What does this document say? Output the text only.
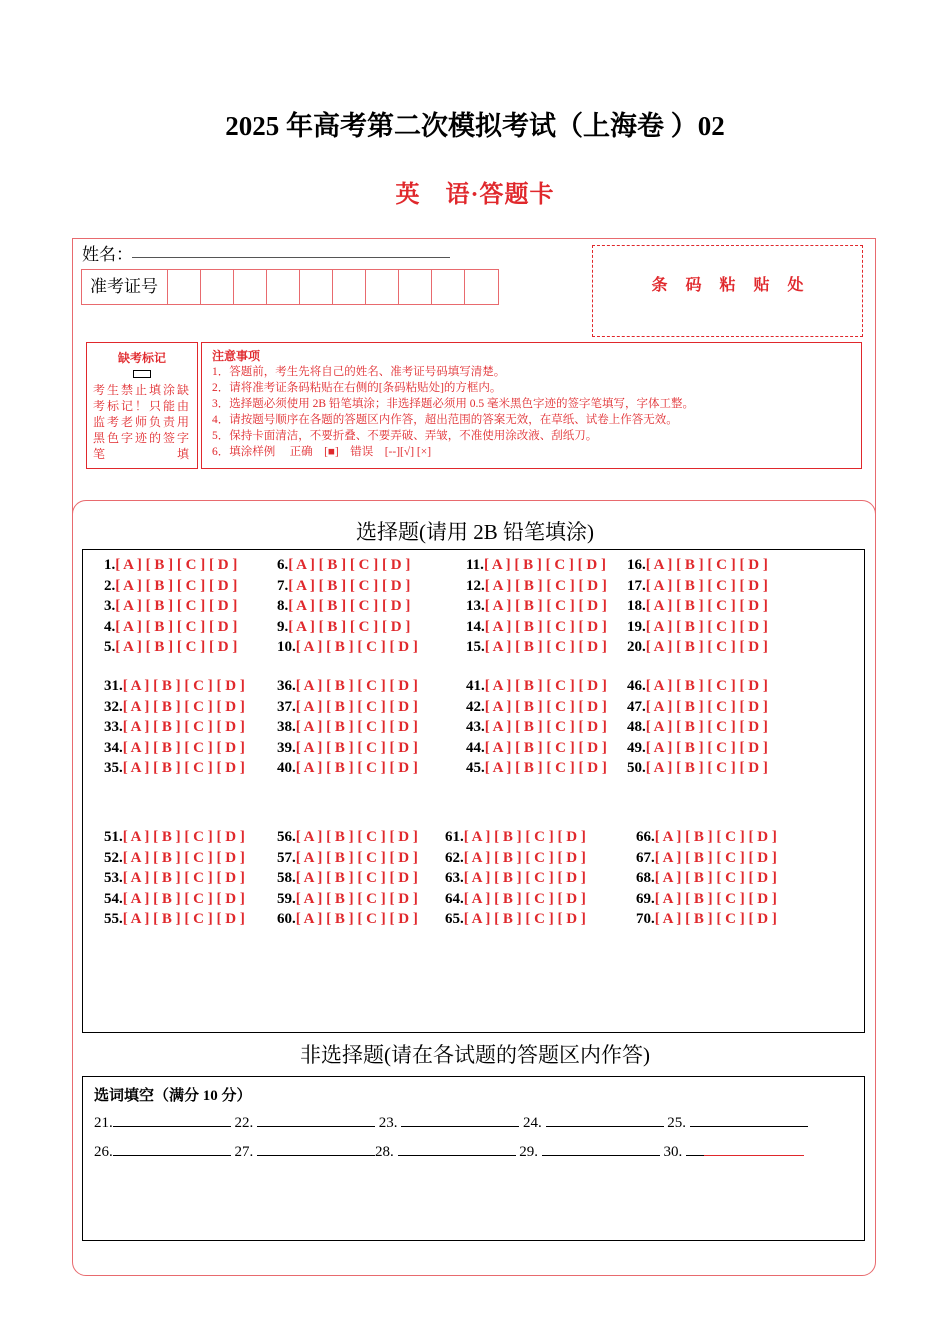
2025 年高考第二次模拟考试（上海卷 ）02
英　语·答题卡
姓名：
准考证号	条码粘贴处
缺考标记
考生禁止填涂缺考标记！只能由监考老师负责用黑色字迹的签字笔填
注意事项
1．答题前，考生先将自己的姓名、准考证号码填写清楚。
2．请将准考证条码粘贴在右侧的[条码粘贴处]的方框内。
3．选择题必须使用 2B 铅笔填涂；非选择题必须用 0.5 毫米黑色字迹的签字笔填写，字体工整。
4．请按题号顺序在各题的答题区内作答，超出范围的答案无效，在草纸、试卷上作答无效。
5．保持卡面清洁，不要折叠、不要弄破、弄皱，不准使用涂改液、刮纸刀。
6．填涂样例　 正确　[■]　错误　[--][√] [×]
选择题(请用 2B 铅笔填涂)
1.[ A ] [ B ] [ C ] [ D ]
2.[ A ] [ B ] [ C ] [ D ]
3.[ A ] [ B ] [ C ] [ D ]
4.[ A ] [ B ] [ C ] [ D ]
5.[ A ] [ B ] [ C ] [ D ]
6.[ A ] [ B ] [ C ] [ D ]
7.[ A ] [ B ] [ C ] [ D ]
8.[ A ] [ B ] [ C ] [ D ]
9.[ A ] [ B ] [ C ] [ D ]
10.[ A ] [ B ] [ C ] [ D ]
11.[ A ] [ B ] [ C ] [ D ]
12.[ A ] [ B ] [ C ] [ D ]
13.[ A ] [ B ] [ C ] [ D ]
14.[ A ] [ B ] [ C ] [ D ]
15.[ A ] [ B ] [ C ] [ D ]
16.[ A ] [ B ] [ C ] [ D ]
17.[ A ] [ B ] [ C ] [ D ]
18.[ A ] [ B ] [ C ] [ D ]
19.[ A ] [ B ] [ C ] [ D ]
20.[ A ] [ B ] [ C ] [ D ]
31.[ A ] [ B ] [ C ] [ D ]
32.[ A ] [ B ] [ C ] [ D ]
33.[ A ] [ B ] [ C ] [ D ]
34.[ A ] [ B ] [ C ] [ D ]
35.[ A ] [ B ] [ C ] [ D ]
36.[ A ] [ B ] [ C ] [ D ]
37.[ A ] [ B ] [ C ] [ D ]
38.[ A ] [ B ] [ C ] [ D ]
39.[ A ] [ B ] [ C ] [ D ]
40.[ A ] [ B ] [ C ] [ D ]
41.[ A ] [ B ] [ C ] [ D ]
42.[ A ] [ B ] [ C ] [ D ]
43.[ A ] [ B ] [ C ] [ D ]
44.[ A ] [ B ] [ C ] [ D ]
45.[ A ] [ B ] [ C ] [ D ]
46.[ A ] [ B ] [ C ] [ D ]
47.[ A ] [ B ] [ C ] [ D ]
48.[ A ] [ B ] [ C ] [ D ]
49.[ A ] [ B ] [ C ] [ D ]
50.[ A ] [ B ] [ C ] [ D ]
51.[ A ] [ B ] [ C ] [ D ]
52.[ A ] [ B ] [ C ] [ D ]
53.[ A ] [ B ] [ C ] [ D ]
54.[ A ] [ B ] [ C ] [ D ]
55.[ A ] [ B ] [ C ] [ D ]
56.[ A ] [ B ] [ C ] [ D ]
57.[ A ] [ B ] [ C ] [ D ]
58.[ A ] [ B ] [ C ] [ D ]
59.[ A ] [ B ] [ C ] [ D ]
60.[ A ] [ B ] [ C ] [ D ]
61.[ A ] [ B ] [ C ] [ D ]
62.[ A ] [ B ] [ C ] [ D ]
63.[ A ] [ B ] [ C ] [ D ]
64.[ A ] [ B ] [ C ] [ D ]
65.[ A ] [ B ] [ C ] [ D ]
66.[ A ] [ B ] [ C ] [ D ]
67.[ A ] [ B ] [ C ] [ D ]
68.[ A ] [ B ] [ C ] [ D ]
69.[ A ] [ B ] [ C ] [ D ]
70.[ A ] [ B ] [ C ] [ D ]
非选择题(请在各试题的答题区内作答)
选词填空（满分 10 分）
21.	22.	23.	24.	25.
26.	27.	28.	29.	30.
